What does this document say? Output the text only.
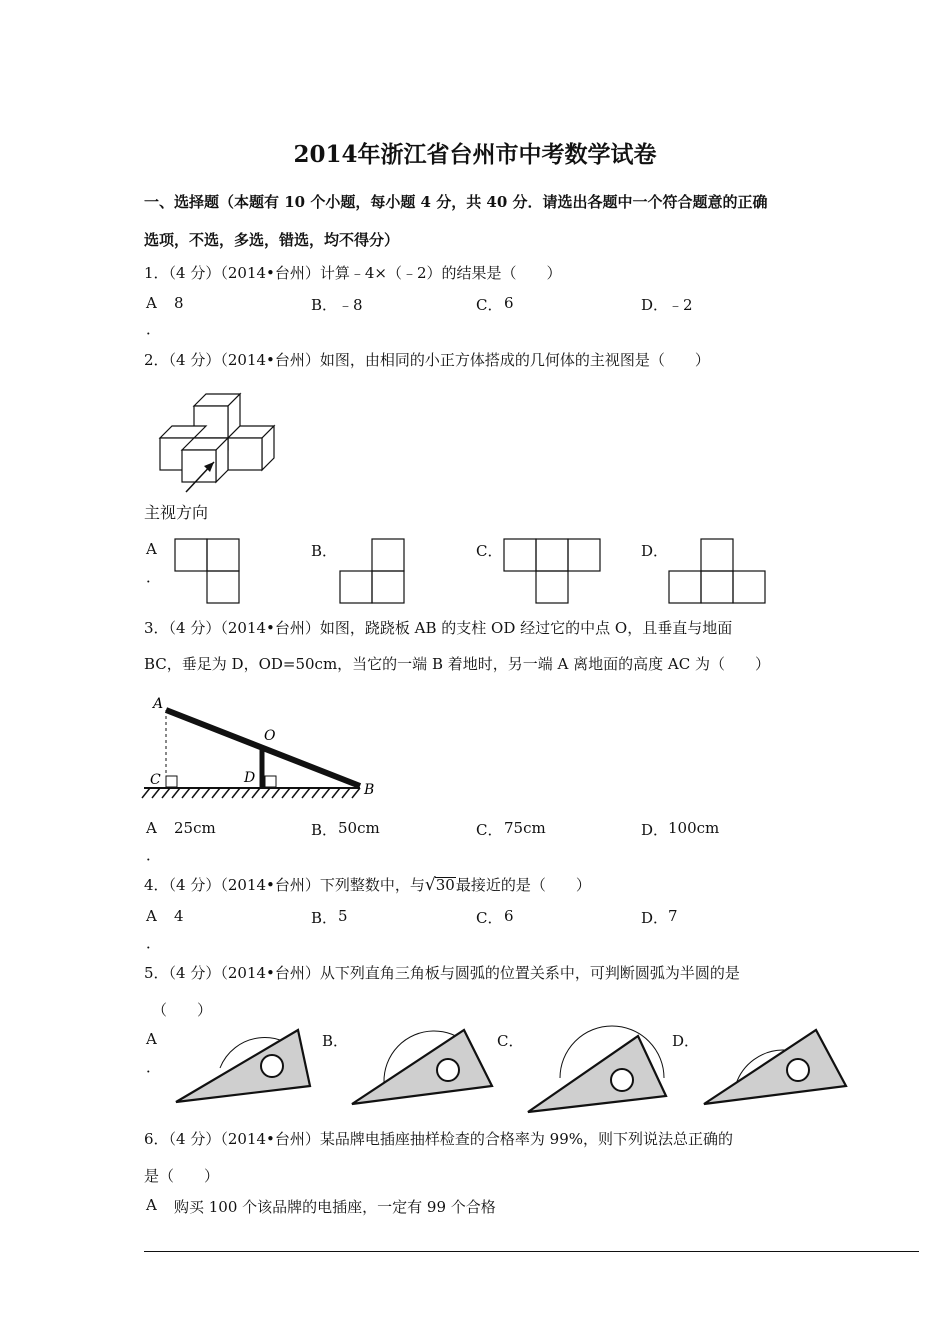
2014年浙江省台州市中考数学试卷
一、选择题（本题有 10 个小题，每小题 4 分，共 40 分．请选出各题中一个符合题意的正确
选项，不选，多选，错选，均不得分）
1．（4 分）（2014•台州）计算﹣4×（﹣2）的结果是（　　）
A
．
8	B． ﹣8	C． 6	D． ﹣2
2．（4 分）（2014•台州）如图，由相同的小正方体搭成的几何体的主视图是（　　）
主视方向
A
．
B．	C．	D．
3．（4 分）（2014•台州）如图，跷跷板 AB 的支柱 OD 经过它的中点 O，且垂直与地面
BC，垂足为 D，OD=50cm，当它的一端 B 着地时，另一端 A 离地面的高度 AC 为（　　）
A
O
C	D
B
A
．
25cm	B． 50cm	C． 75cm	D． 100cm
4．（4 分）（2014•台州）下列整数中，与√30最接近的是（　　）
A
．
4	B． 5	C． 6	D． 7
5．（4 分）（2014•台州）从下列直角三角板与圆弧的位置关系中，可判断圆弧为半圆的是
（　　）
A
．
B．	C．	D．
6．（4 分）（2014•台州）某品牌电插座抽样检查的合格率为 99%，则下列说法总正确的
是（　　）
A 购买 100 个该品牌的电插座，一定有 99 个合格
